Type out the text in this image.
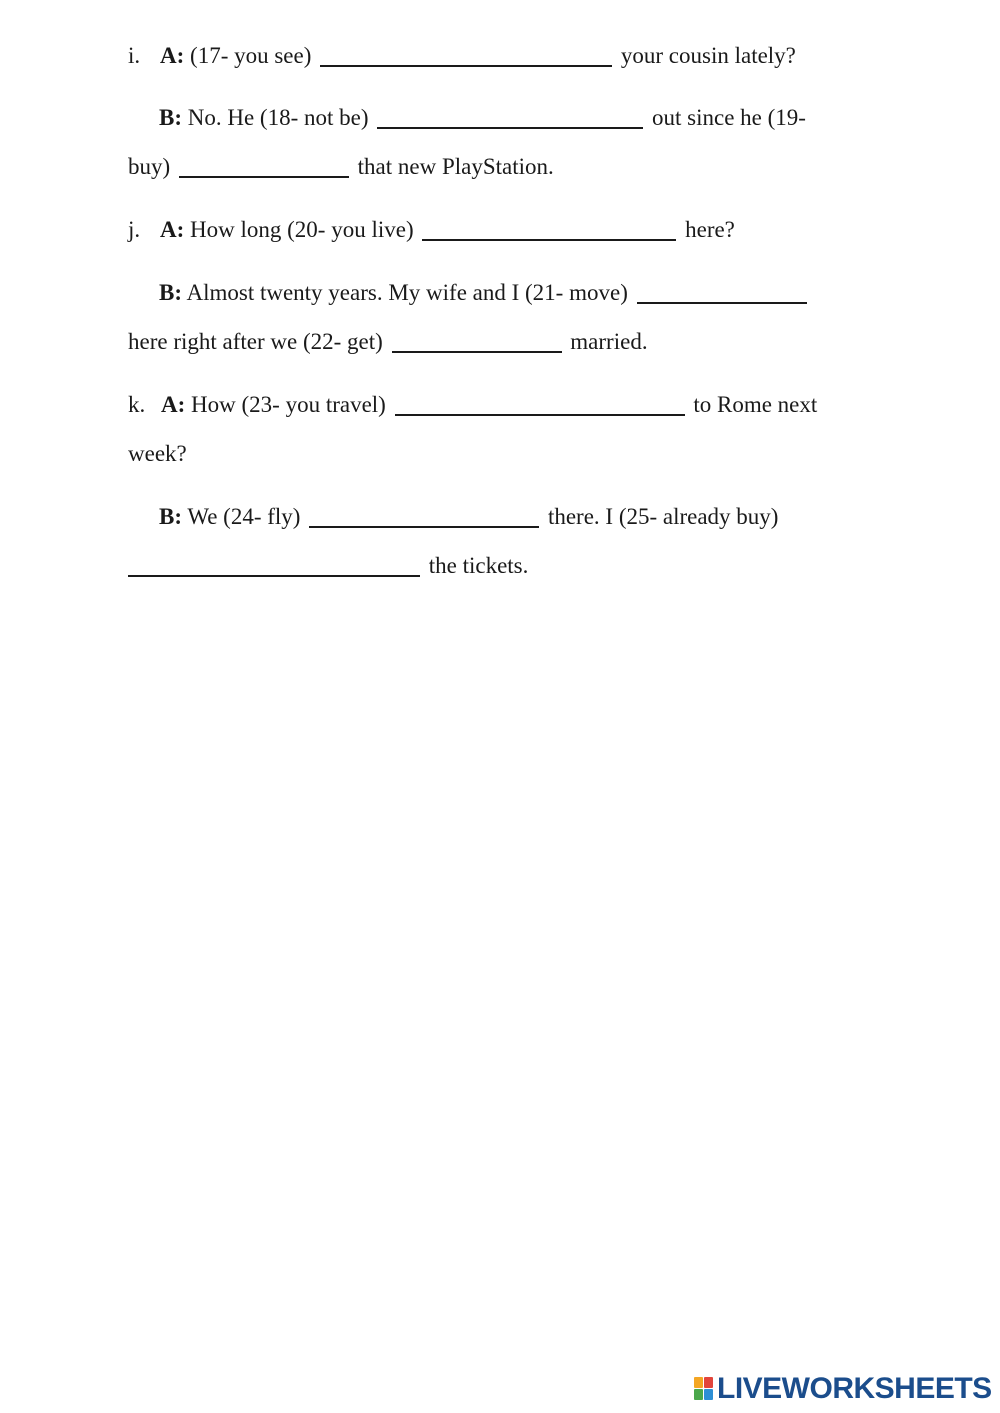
i. A: (17- you see)	your cousin lately?
B: No. He (18- not be)	out since he (19-
buy)	that new PlayStation.
j. A: How long (20- you live)	here?
B: Almost twenty years. My wife and I (21- move)
here right after we (22- get)	married.
k. A: How (23- you travel)	to Rome next
week?
B: We (24- fly)	there. I (25- already buy)
the tickets.
LIVEWORKSHEETS
